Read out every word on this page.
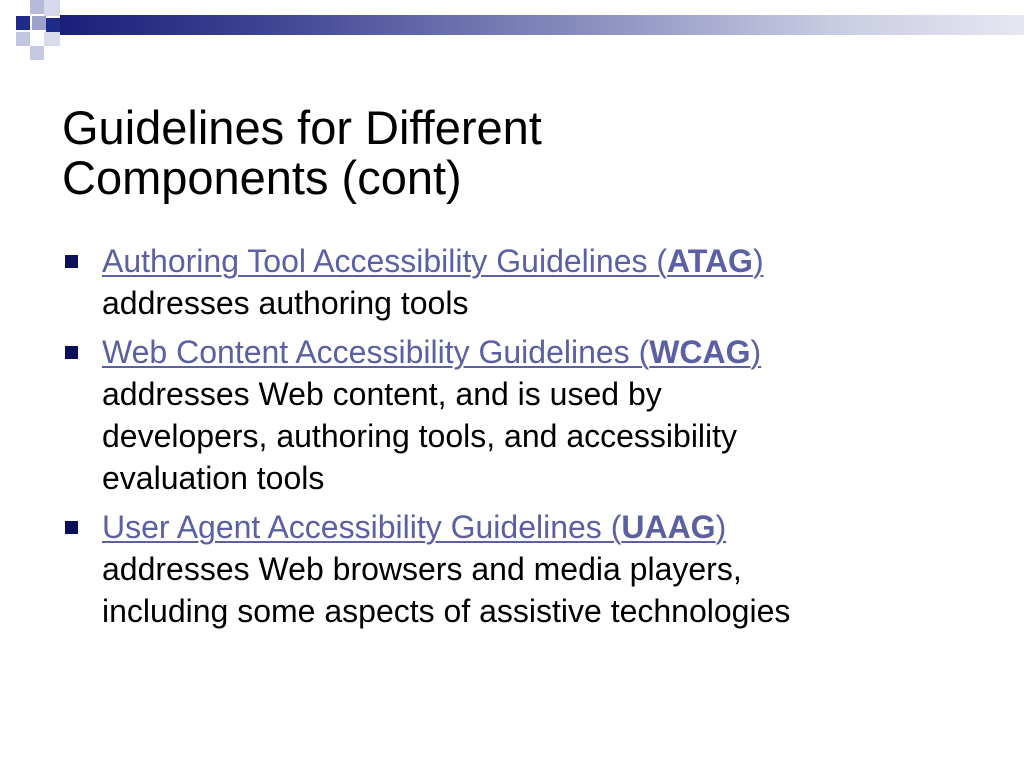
Guidelines for Different
Components (cont)
Authoring Tool Accessibility Guidelines (ATAG)
addresses authoring tools
Web Content Accessibility Guidelines (WCAG)
addresses Web content, and is used by
developers, authoring tools, and accessibility
evaluation tools
User Agent Accessibility Guidelines (UAAG)
addresses Web browsers and media players,
including some aspects of assistive technologies
